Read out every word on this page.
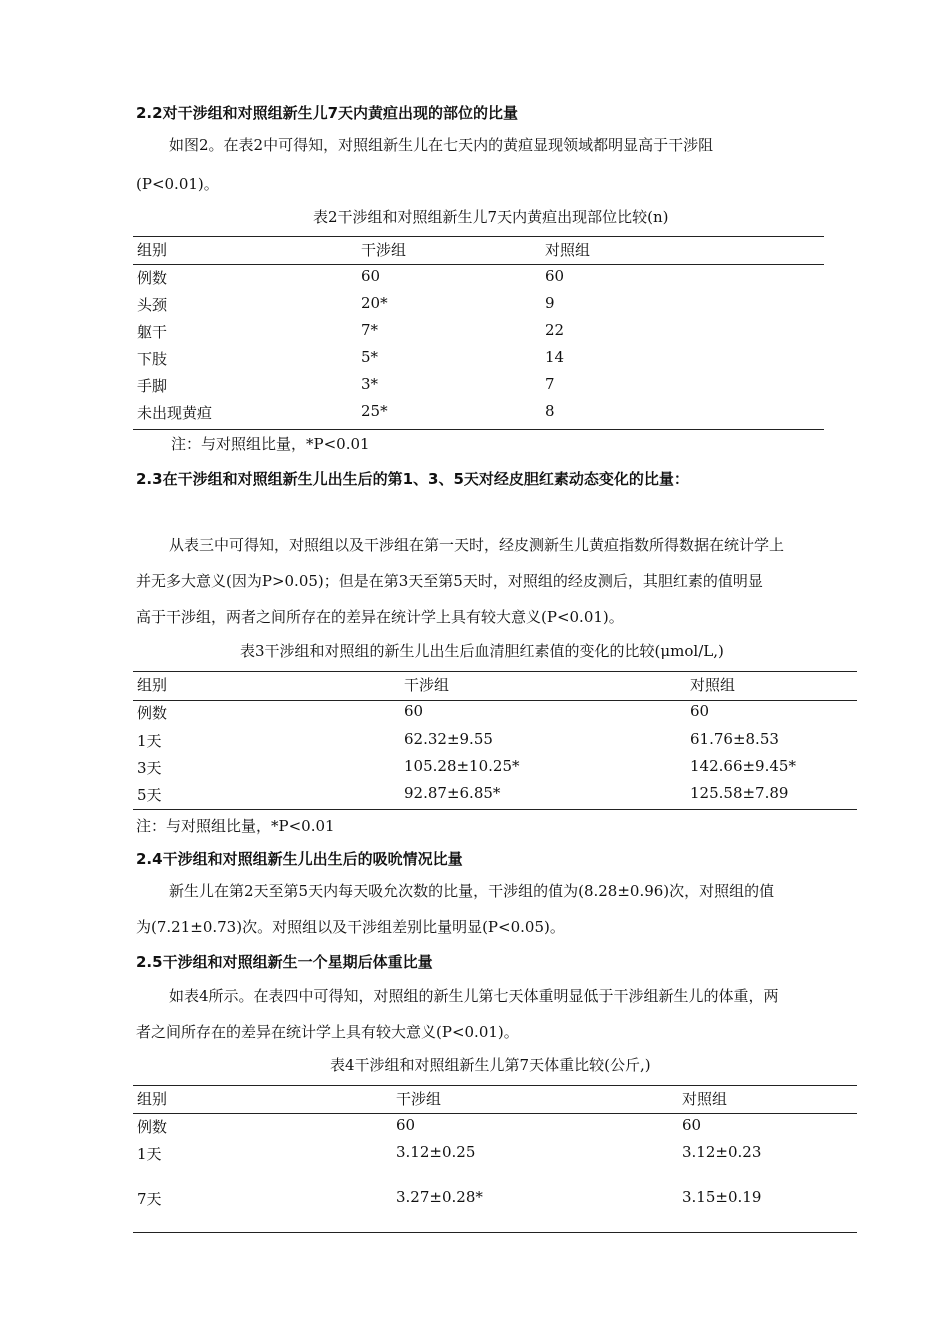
2.2对干涉组和对照组新生儿7天内黄疸出现的部位的比量
如图2。在表2中可得知，对照组新生儿在七天内的黄疸显现领域都明显高于干涉阻
(P<0.01)。
表2干涉组和对照组新生儿7天内黄疸出现部位比较(n)
组别	干涉组	对照组
例数	60	60
头颈	20*	9
躯干	7*	22
下肢	5*	14
手脚	3*	7
未出现黄疸	25*	8
注：与对照组比量，*P<0.01
2.3在干涉组和对照组新生儿出生后的第1、3、5天对经皮胆红素动态变化的比量：
从表三中可得知，对照组以及干涉组在第一天时，经皮测新生儿黄疸指数所得数据在统计学上
并无多大意义(因为P>0.05)；但是在第3天至第5天时，对照组的经皮测后，其胆红素的值明显
高于干涉组，两者之间所存在的差异在统计学上具有较大意义(P<0.01)。
表3干涉组和对照组的新生儿出生后血清胆红素值的变化的比较(μmol/L,)
组别	干涉组	对照组
例数	60	60
1天	62.32±9.55	61.76±8.53
3天	105.28±10.25*	142.66±9.45*
5天	92.87±6.85*	125.58±7.89
注：与对照组比量，*P<0.01
2.4干涉组和对照组新生儿出生后的吸吮情况比量
新生儿在第2天至第5天内每天吸允次数的比量，干涉组的值为(8.28±0.96)次，对照组的值
为(7.21±0.73)次。对照组以及干涉组差别比量明显(P<0.05)。
2.5干涉组和对照组新生一个星期后体重比量
如表4所示。在表四中可得知，对照组的新生儿第七天体重明显低于干涉组新生儿的体重，两
者之间所存在的差异在统计学上具有较大意义(P<0.01)。
表4干涉组和对照组新生儿第7天体重比较(公斤,)
组别	干涉组	对照组
例数	60	60
1天	3.12±0.25	3.12±0.23
7天	3.27±0.28*	3.15±0.19
